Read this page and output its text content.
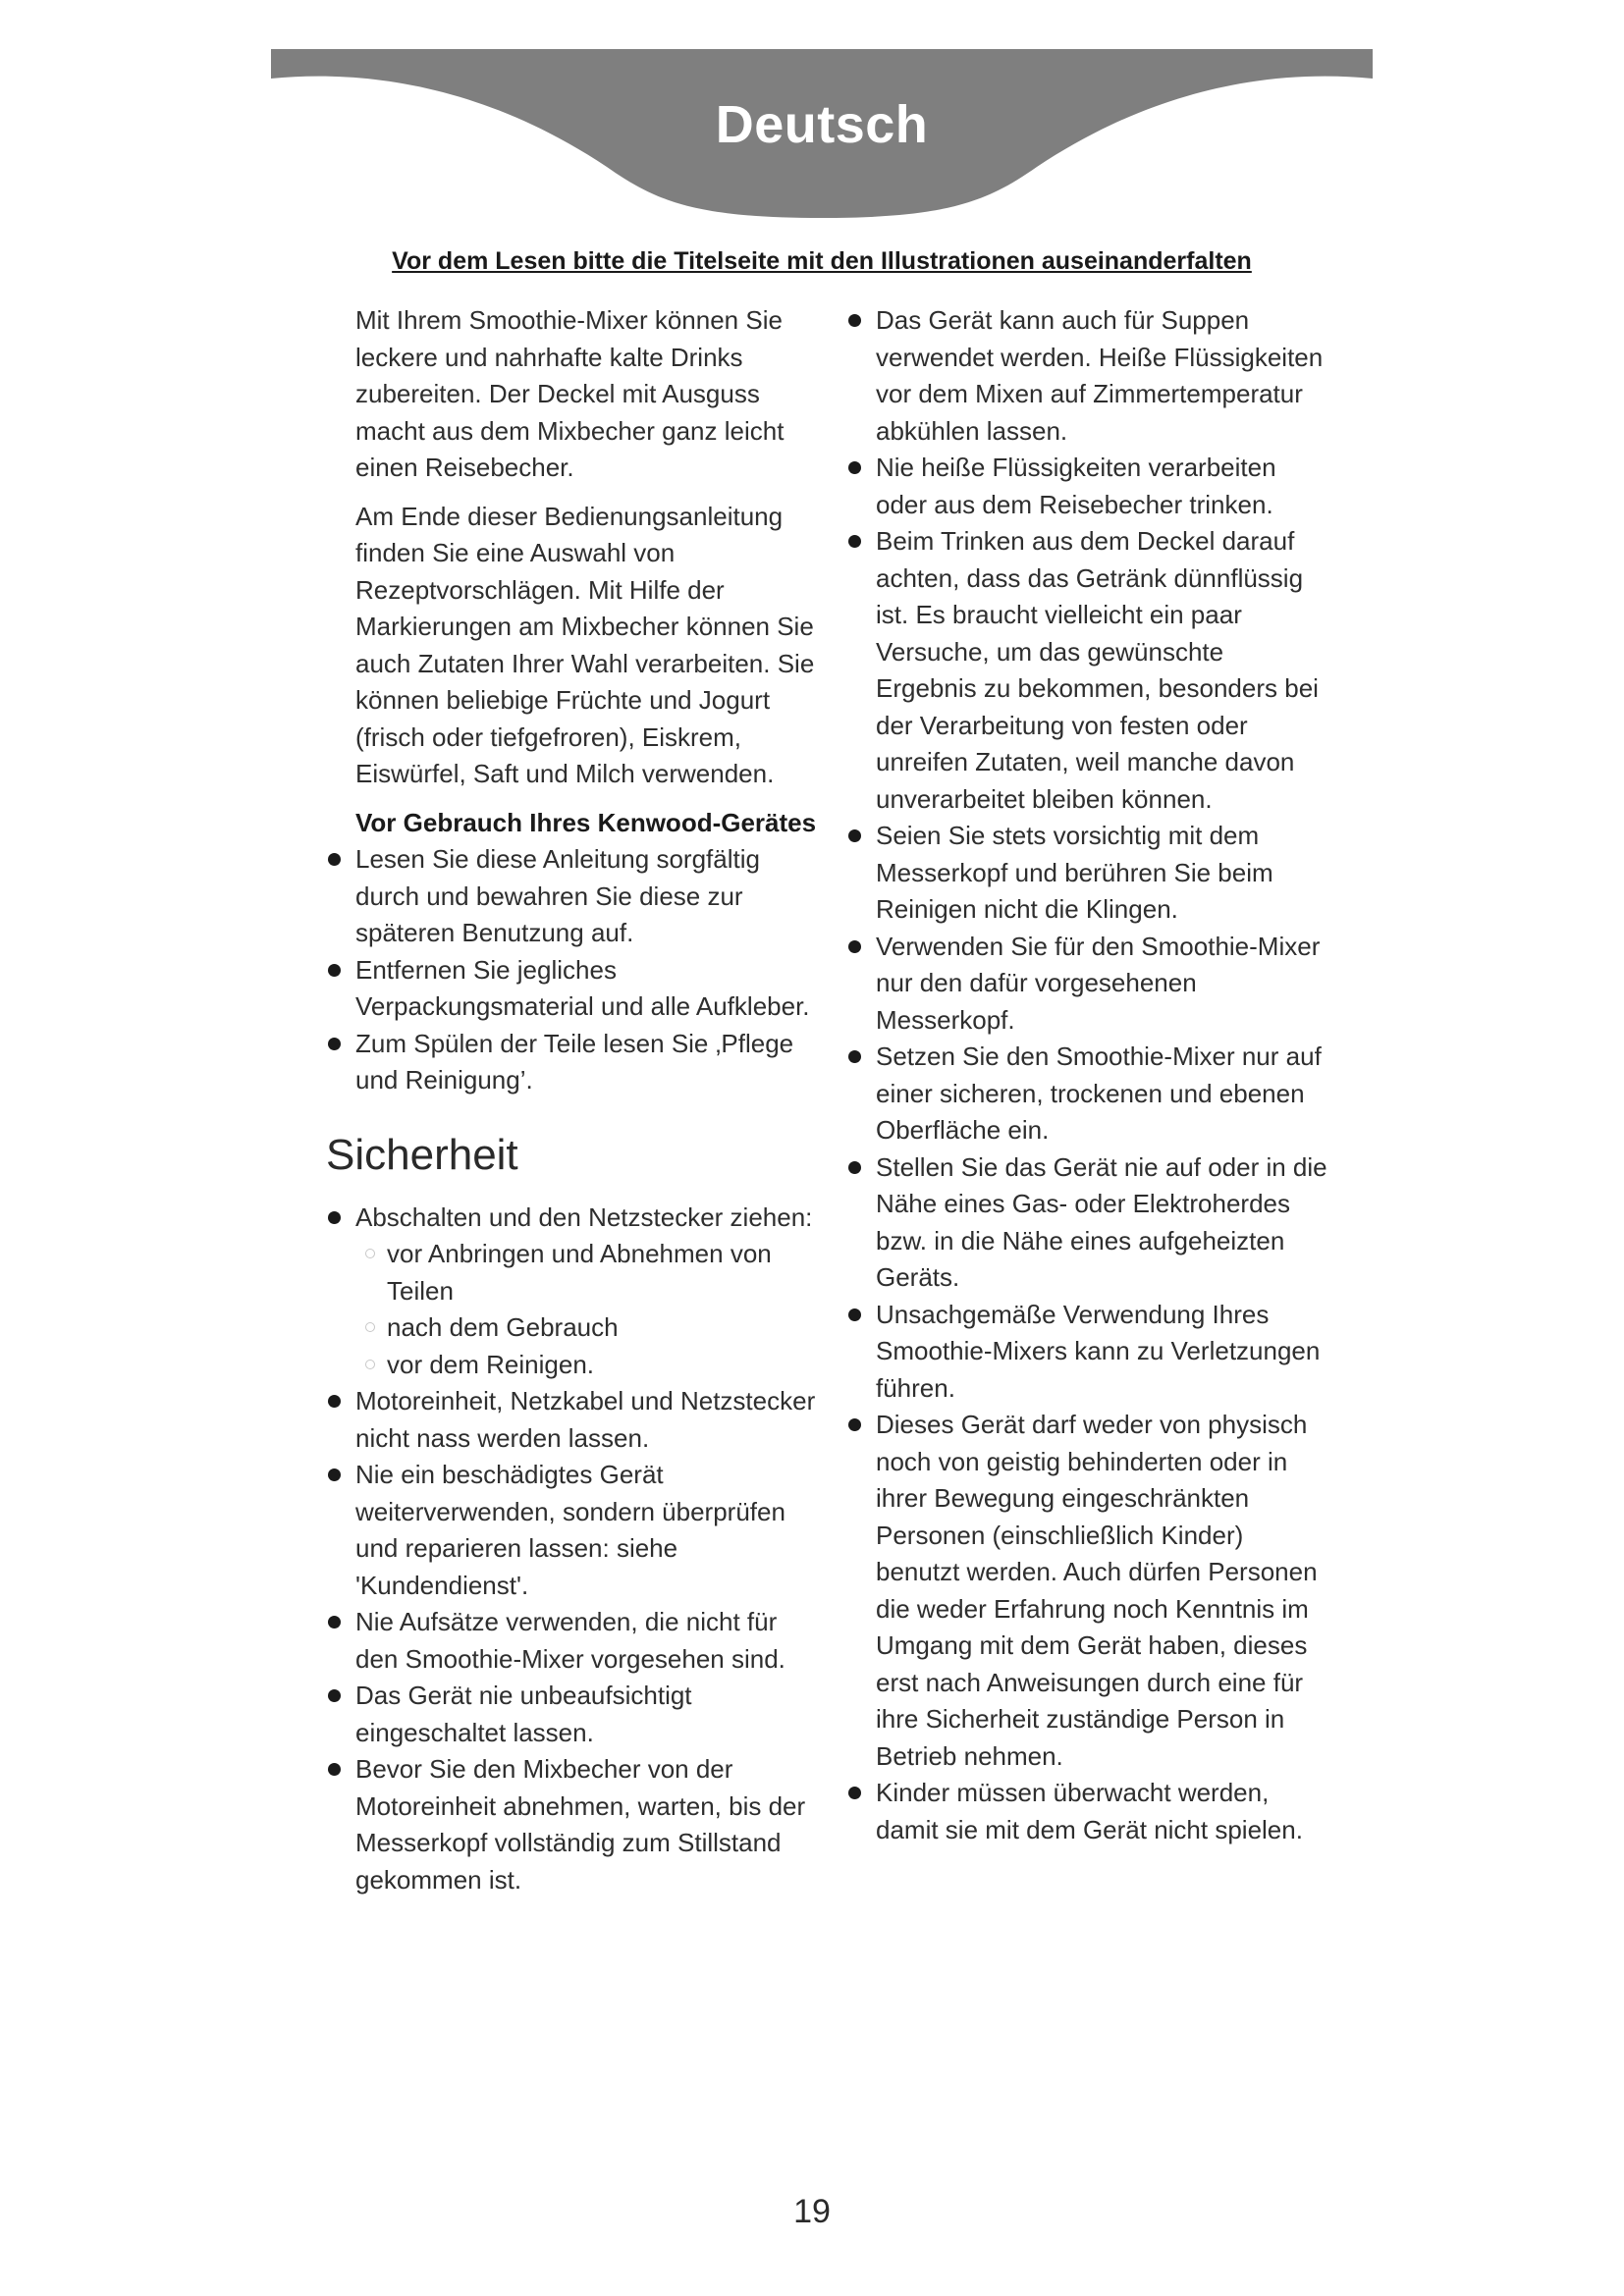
Deutsch
Vor dem Lesen bitte die Titelseite mit den Illustrationen auseinanderfalten

Mit Ihrem Smoothie-Mixer können Sie leckere und nahrhafte kalte Drinks zubereiten. Der Deckel mit Ausguss macht aus dem Mixbecher ganz leicht einen Reisebecher.

Am Ende dieser Bedienungsanleitung finden Sie eine Auswahl von Rezeptvorschlägen. Mit Hilfe der Markierungen am Mixbecher können Sie auch Zutaten Ihrer Wahl verarbeiten. Sie können beliebige Früchte und Jogurt (frisch oder tiefgefroren), Eiskrem, Eiswürfel, Saft und Milch verwenden.

Vor Gebrauch Ihres Kenwood-Gerätes

Lesen Sie diese Anleitung sorgfältig durch und bewahren Sie diese zur späteren Benutzung auf.
Entfernen Sie jegliches Verpackungsmaterial und alle Aufkleber.
Zum Spülen der Teile lesen Sie ‚Pflege und Reinigung’.
Sicherheit
Abschalten und den Netzstecker ziehen:
vor Anbringen und Abnehmen von Teilen
nach dem Gebrauch
vor dem Reinigen.
Motoreinheit, Netzkabel und Netzstecker nicht nass werden lassen.
Nie ein beschädigtes Gerät weiterverwenden, sondern überprüfen und reparieren lassen: siehe 'Kundendienst'.
Nie Aufsätze verwenden, die nicht für den Smoothie-Mixer vorgesehen sind.
Das Gerät nie unbeaufsichtigt eingeschaltet lassen.
Bevor Sie den Mixbecher von der Motoreinheit abnehmen, warten, bis der Messerkopf vollständig zum Stillstand gekommen ist.
Das Gerät kann auch für Suppen verwendet werden. Heiße Flüssigkeiten vor dem Mixen auf Zimmertemperatur abkühlen lassen.
Nie heiße Flüssigkeiten verarbeiten oder aus dem Reisebecher trinken.
Beim Trinken aus dem Deckel darauf achten, dass das Getränk dünnflüssig ist. Es braucht vielleicht ein paar Versuche, um das gewünschte Ergebnis zu bekommen, besonders bei der Verarbeitung von festen oder unreifen Zutaten, weil manche davon unverarbeitet bleiben können.
Seien Sie stets vorsichtig mit dem Messerkopf und berühren Sie beim Reinigen nicht die Klingen.
Verwenden Sie für den Smoothie-Mixer nur den dafür vorgesehenen Messerkopf.
Setzen Sie den Smoothie-Mixer nur auf einer sicheren, trockenen und ebenen Oberfläche ein.
Stellen Sie das Gerät nie auf oder in die Nähe eines Gas- oder Elektroherdes bzw. in die Nähe eines aufgeheizten Geräts.
Unsachgemäße Verwendung Ihres Smoothie-Mixers kann zu Verletzungen führen.
Dieses Gerät darf weder von physisch noch von geistig behinderten oder in ihrer Bewegung eingeschränkten Personen (einschließlich Kinder) benutzt werden. Auch dürfen Personen die weder Erfahrung noch Kenntnis im Umgang mit dem Gerät haben, dieses erst nach Anweisungen durch eine für ihre Sicherheit zuständige Person in Betrieb nehmen.
Kinder müssen überwacht werden, damit sie mit dem Gerät nicht spielen.
19
